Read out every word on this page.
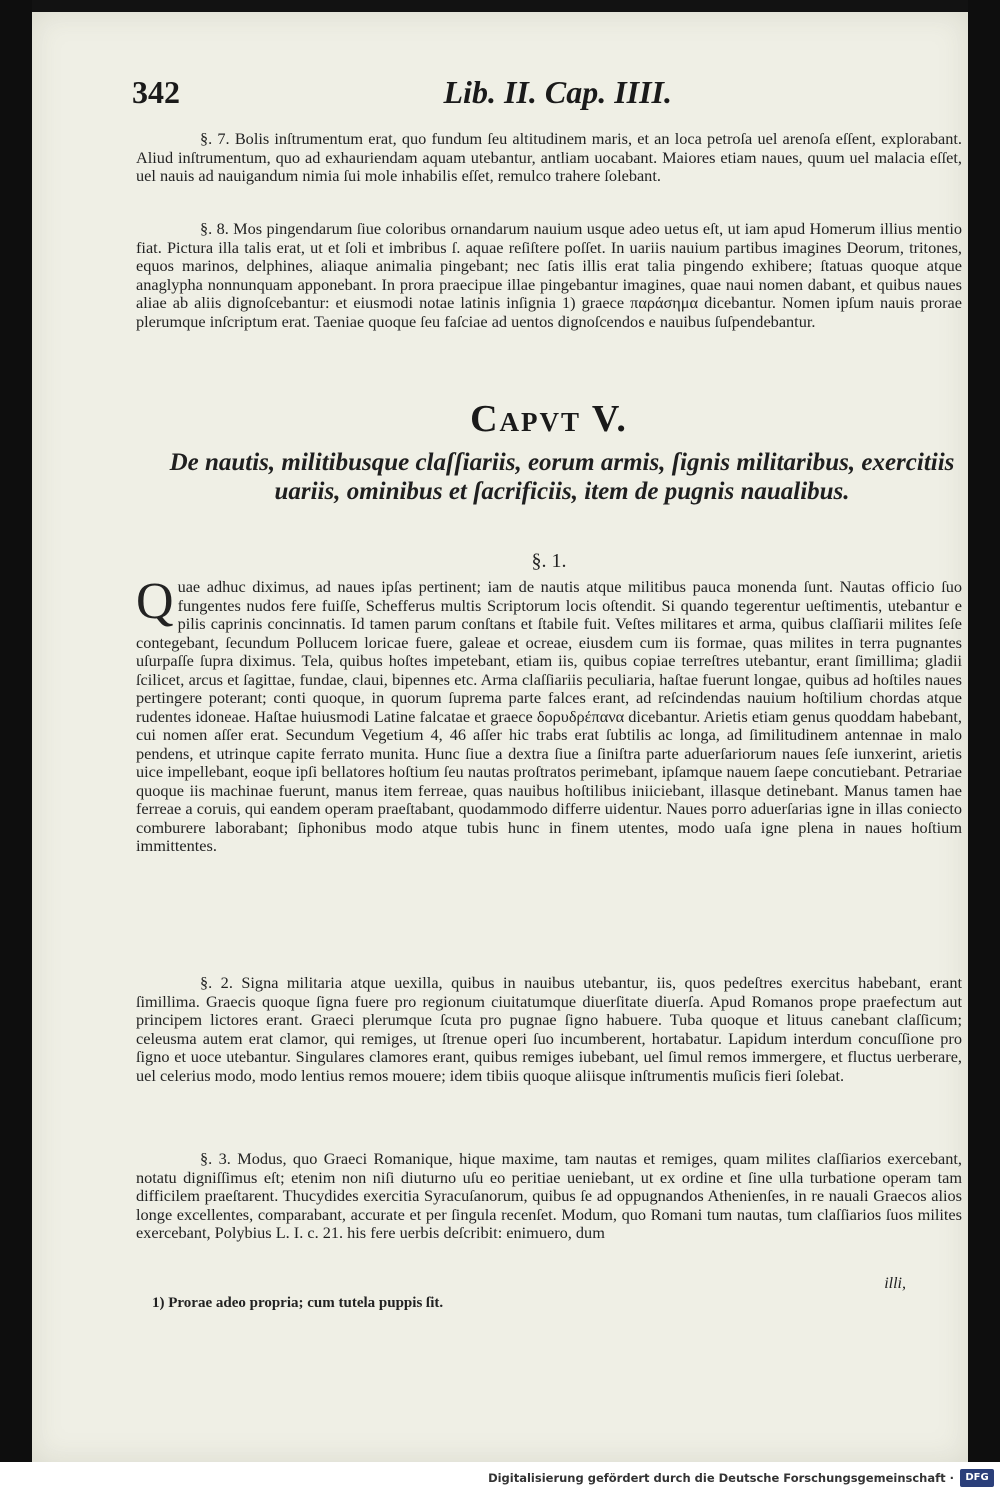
342	Lib. II. Cap. IIII.

§. 7. Bolis inſtrumentum erat, quo fundum ſeu altitudinem maris, et an loca petroſa uel arenoſa eſſent, explorabant. Aliud inſtrumentum, quo ad exhauriendam aquam utebantur, antliam uocabant. Maiores etiam naues, quum uel malacia eſſet, uel nauis ad nauigandum nimia ſui mole inhabilis eſſet, remulco trahere ſolebant.

§. 8. Mos pingendarum ſiue coloribus ornandarum nauium usque adeo uetus eſt, ut iam apud Homerum illius mentio fiat. Pictura illa talis erat, ut et ſoli et imbribus ſ. aquae reſiſtere poſſet. In uariis nauium partibus imagines Deorum, tritones, equos marinos, delphines, aliaque animalia pingebant; nec ſatis illis erat talia pingendo exhibere; ſtatuas quoque atque anaglypha nonnunquam apponebant. In prora praecipue illae pingebantur imagines, quae naui nomen dabant, et quibus naues aliae ab aliis dignoſcebantur: et eiusmodi notae latinis inſignia 1) graece παράσημα dicebantur. Nomen ipſum nauis prorae plerumque inſcriptum erat. Taeniae quoque ſeu faſciae ad uentos dignoſcendos e nauibus ſuſpendebantur.

Capvt V.
De nautis, militibusque claſſiariis, eorum armis, ſignis militaribus, exercitiis uariis, ominibus et ſacrificiis, item de pugnis naualibus.
§. 1.
Q uae adhuc diximus, ad naues ipſas pertinent; iam de nautis atque militibus pauca monenda ſunt. Nautas officio ſuo fungentes nudos fere fuiſſe, Schefferus multis Scriptorum locis oſtendit. Si quando tegerentur ueſtimentis, utebantur e pilis caprinis concinnatis. Id tamen parum conſtans et ſtabile fuit. Veſtes militares et arma, quibus claſſiarii milites ſeſe contegebant, ſecundum Pollucem loricae fuere, galeae et ocreae, eiusdem cum iis formae, quas milites in terra pugnantes uſurpaſſe ſupra diximus. Tela, quibus hoſtes impetebant, etiam iis, quibus copiae terreſtres utebantur, erant ſimillima; gladii ſcilicet, arcus et ſagittae, fundae, claui, bipennes etc. Arma claſſiariis peculiaria, haſtae fuerunt longae, quibus ad hoſtiles naues pertingere poterant; conti quoque, in quorum ſuprema parte falces erant, ad reſcindendas nauium hoſtilium chordas atque rudentes idoneae. Haſtae huiusmodi Latine falcatae et graece δορυδρέπανα dicebantur. Arietis etiam genus quoddam habebant, cui nomen aſſer erat. Secundum Vegetium 4, 46 aſſer hic trabs erat ſubtilis ac longa, ad ſimilitudinem antennae in malo pendens, et utrinque capite ferrato munita. Hunc ſiue a dextra ſiue a ſiniſtra parte aduerſariorum naues ſeſe iunxerint, arietis uice impellebant, eoque ipſi bellatores hoſtium ſeu nautas proſtratos perimebant, ipſamque nauem ſaepe concutiebant. Petrariae quoque iis machinae fuerunt, manus item ferreae, quas nauibus hoſtilibus iniiciebant, illasque detinebant. Manus tamen hae ferreae a coruis, qui eandem operam praeſtabant, quodammodo differre uidentur. Naues porro aduerſarias igne in illas coniecto comburere laborabant; ſiphonibus modo atque tubis hunc in finem utentes, modo uaſa igne plena in naues hoſtium immittentes.

§. 2. Signa militaria atque uexilla, quibus in nauibus utebantur, iis, quos pedeſtres exercitus habebant, erant ſimillima. Graecis quoque ſigna fuere pro regionum ciuitatumque diuerſitate diuerſa. Apud Romanos prope praefectum aut principem lictores erant. Graeci plerumque ſcuta pro pugnae ſigno habuere. Tuba quoque et lituus canebant claſſicum; celeusma autem erat clamor, qui remiges, ut ſtrenue operi ſuo incumberent, hortabatur. Lapidum interdum concuſſione pro ſigno et uoce utebantur. Singulares clamores erant, quibus remiges iubebant, uel ſimul remos immergere, et fluctus uerberare, uel celerius modo, modo lentius remos mouere; idem tibiis quoque aliisque inſtrumentis muſicis fieri ſolebat.

§. 3. Modus, quo Graeci Romanique, hique maxime, tam nautas et remiges, quam milites claſſiarios exercebant, notatu digniſſimus eſt; etenim non niſi diuturno uſu eo peritiae ueniebant, ut ex ordine et ſine ulla turbatione operam tam difficilem praeſtarent. Thucydides exercitia Syracuſanorum, quibus ſe ad oppugnandos Athenienſes, in re nauali Graecos alios longe excellentes, comparabant, accurate et per ſingula recenſet. Modum, quo Romani tum nautas, tum claſſiarios ſuos milites exercebant, Polybius L. I. c. 21. his fere uerbis deſcribit: enimuero, dum

illi,
1) Prorae adeo propria; cum tutela puppis ſit.
Digitalisierung gefördert durch die Deutsche Forschungsgemeinschaft ·	DFG
